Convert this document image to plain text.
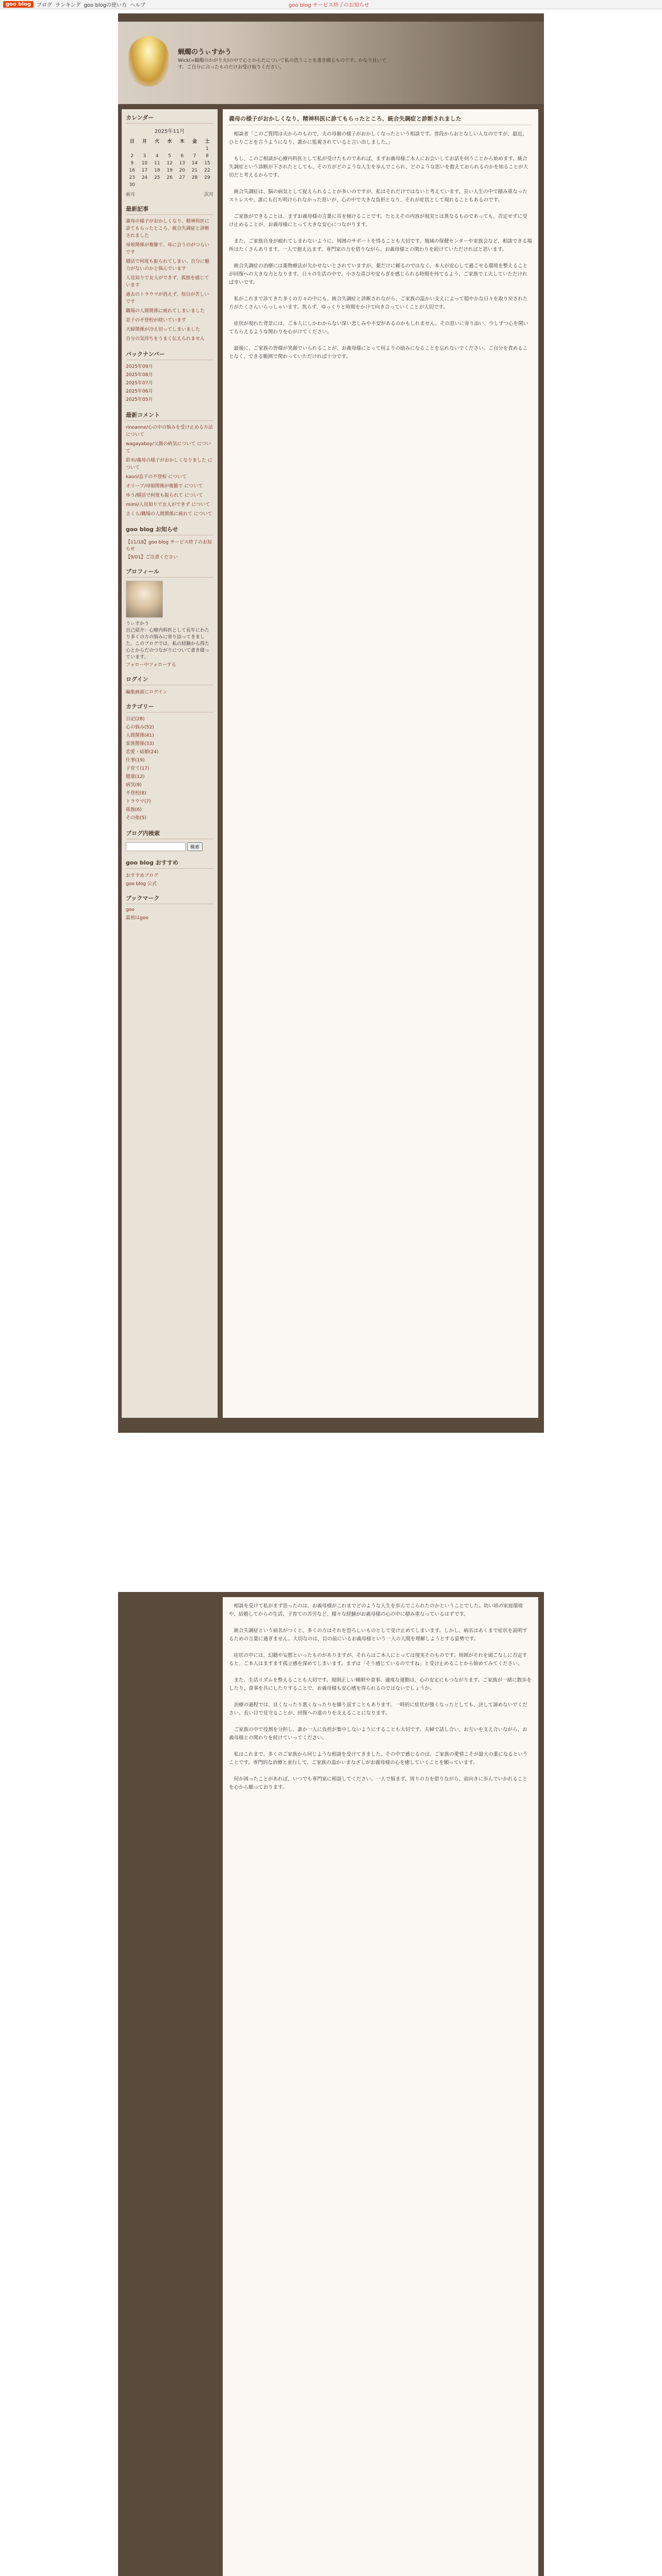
goo blog	ブログ ランキング goo blogの使い方 ヘルプ	goo blog サービス終了のお知らせ
蝋燭のうぃすかう
Wick(=蝋燭のかがり火)の中で心とからだについて私の思うことを書き綴るものです。かなり長いです。ご自分に合ったものだけお受け取りください。
カレンダー
2025年11月
日	月	火	水	木	金	土
						1
2	3	4	5	6	7	8
9	10	11	12	13	14	15
16	17	18	19	20	21	22
23	24	25	26	27	28	29
30						
前月	次月
最新記事
義母の様子がおかしくなり、精神科医に診てもらったところ、統合失調症と診断されました
母娘関係が複雑で、母に会うのがつらいです
婚活で何度も振られてしまい、自分に魅力がないのかと悩んでいます
人見知りで友人ができず、孤独を感じています
過去のトラウマが消えず、毎日が苦しいです
職場の人間関係に疲れてしまいました
息子の不登校が続いています
夫婦関係が冷え切ってしまいました
自分の気持ちをうまく伝えられません
バックナンバー
2025年09月
2025年08月
2025年07月
2025年06月
2025年05月
最新コメント
rinoanne/心の中の悩みを受け止める方法 について
wagayaboy/父親の病気について について
鈴木/義母の様子がおかしくなりました について
kaori/息子の不登校 について
オリーブ/母娘関係が複雑で について
ゆう/婚活で何度も振られて について
mimi/人見知りで友人ができず について
さくら/職場の人間関係に疲れて について
goo blog お知らせ
【11/18】goo blog サービス終了のお知らせ
【9/01】ご注意ください
プロフィール
うぃすかう
自己紹介：心療内科医として長年にわたり多くの方の悩みに寄り添ってきました。このブログでは、私の経験から得た心とからだのつながりについて書き綴っています。
フォロー中フォローする
ログイン
編集画面にログイン
カテゴリー
日記(28)
心の悩み(52)
人間関係(41)
家族関係(33)
恋愛・結婚(24)
仕事(19)
子育て(17)
健康(12)
病気(9)
不登校(8)
トラウマ(7)
孤独(6)
その他(5)
ブログ内検索
検索
goo blog おすすめ
おすすめブログ
goo blog 公式
ブックマーク
goo
最初はgoo
義母の様子がおかしくなり、精神科医に診てもらったところ、統合失調症と診断されました

相談者「このご質問は夫からのもので、夫の母親の様子がおかしくなったという相談です。普段からおとなしい人なのですが、最近、ひとりごとを言うようになり、誰かに監視されていると言い出しました。」

もし、このご相談が心療内科医として私が受けたものであれば、まずお義母様ご本人にお会いしてお話を伺うことから始めます。統合失調症という診断が下されたとしても、その方がどのような人生を歩んでこられ、どのような思いを抱えておられるのかを知ることが大切だと考えるからです。

統合失調症は、脳の病気として捉えられることが多いのですが、私はそれだけではないと考えています。長い人生の中で積み重なったストレスや、誰にも打ち明けられなかった思いが、心の中で大きな負担となり、それが症状として現れることもあるのです。

ご家族ができることは、まずお義母様の言葉に耳を傾けることです。たとえその内容が現実とは異なるものであっても、否定せずに受け止めることが、お義母様にとって大きな安心につながります。

また、ご家族自身が疲れてしまわないように、周囲のサポートを得ることも大切です。地域の保健センターや家族会など、相談できる場所はたくさんあります。一人で抱え込まず、専門家の力を借りながら、お義母様との関わりを続けていただければと思います。

統合失調症の治療には薬物療法が欠かせないとされていますが、薬だけに頼るのではなく、本人が安心して過ごせる環境を整えることが回復への大きな力となります。日々の生活の中で、小さな喜びや安らぎを感じられる時間を持てるよう、ご家族で工夫していただければ幸いです。

私がこれまで診てきた多くの方々の中にも、統合失調症と診断されながら、ご家族の温かい支えによって穏やかな日々を取り戻された方がたくさんいらっしゃいます。焦らず、ゆっくりと時間をかけて向き合っていくことが大切です。

症状が現れた背景には、ご本人にしかわからない深い悲しみや不安があるのかもしれません。その思いに寄り添い、少しずつ心を開いてもらえるような関わりを心がけてください。

最後に、ご家族の皆様が笑顔でいられることが、お義母様にとって何よりの励みになることを忘れないでください。ご自分を責めることなく、できる範囲で関わっていただければ十分です。

相談を受けて私がまず思ったのは、お義母様がこれまでどのような人生を歩んでこられたのかということでした。幼い頃の家庭環境や、結婚してからの生活、子育ての苦労など、様々な経験がお義母様の心の中に積み重なっているはずです。

統合失調症という病名がつくと、多くの方はそれを恐ろしいものとして受け止めてしまいます。しかし、病名はあくまで症状を説明するための言葉に過ぎません。大切なのは、目の前にいるお義母様という一人の人間を理解しようとする姿勢です。

症状の中には、幻聴や妄想といったものがありますが、それらはご本人にとっては現実そのものです。周囲がそれを頭ごなしに否定すると、ご本人はますます孤立感を深めてしまいます。まずは「そう感じているのですね」と受け止めることから始めてみてください。

また、生活リズムを整えることも大切です。規則正しい睡眠や食事、適度な運動は、心の安定にもつながります。ご家族が一緒に散歩をしたり、食事を共にしたりすることで、お義母様も安心感を得られるのではないでしょうか。

治療の過程では、良くなったり悪くなったりを繰り返すこともあります。一時的に症状が強くなったとしても、決して諦めないでください。長い目で見守ることが、回復への道のりを支えることになります。

ご家族の中で役割を分担し、誰か一人に負担が集中しないようにすることも大切です。夫婦で話し合い、お互いを支え合いながら、お義母様との関わりを続けていってください。

私はこれまで、多くのご家族から同じような相談を受けてきました。その中で感じるのは、ご家族の愛情こそが最大の薬になるということです。専門的な治療と並行して、ご家族の温かいまなざしがお義母様の心を癒していくことを願っています。

何か困ったことがあれば、いつでも専門家に相談してください。一人で悩まず、周りの力を借りながら、前向きに歩んでいかれることを心から願っております。
